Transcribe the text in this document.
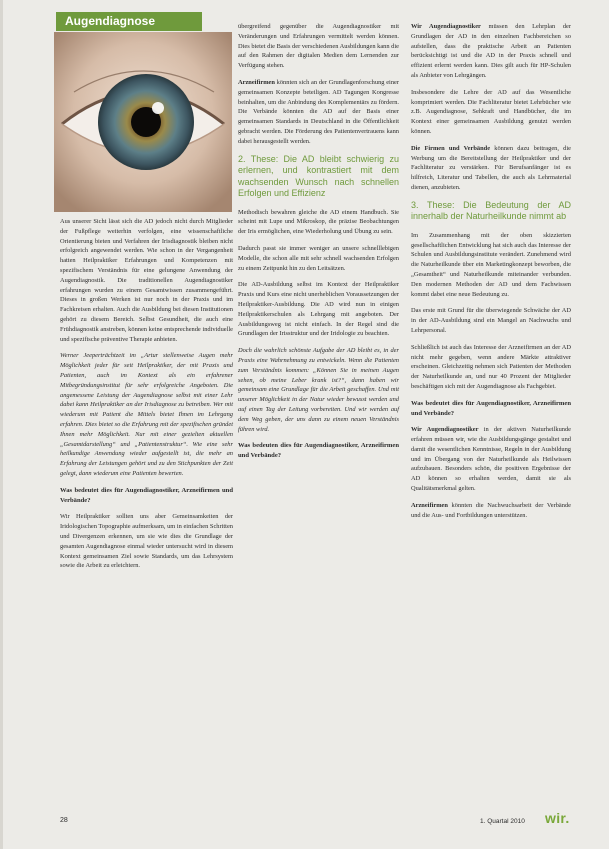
Augendiagnose

Aus unserer Sicht lässt sich die AD jedoch nicht durch Mitglieder der Fußpflege weiterhin verfolgen, eine wissenschaftliche Orientierung bieten und Verfahren der Irisdiagnostik bleiben nicht erfolgreich angewendet werden. Wie schon in der Vergangenheit hatten Heilpraktiker Erfahrungen und Kompetenzen mit spezifischem Verständnis für eine gelungene Anwendung der Augendiagnostik. Die traditionellen Augendiagnostiker erfahrungen wurden zu einem Gesamtwissen zusammengeführt. Dieses in großen Werken ist nur noch in der Praxis und im Fachkreisen erhalten. Auch die Ausbildung bei diesen Institutionen gehört zu diesem Bereich. Selbst Gesundheit, die auch eine Frühdiagnostik anstreben, können keine entsprechende individuelle und spezifische präventive Therapie anbieten.

Werner Jeeperträchtzeit im „Artur stellenweise Augen mehr Möglichkeit jeder für seit Heilpraktiker, der mit Praxis und Patienten, auch im Kontext als ein erfahrener Mitbegründungsinstitut für sehr erfolgreiche Angeboten. Die angemessene Leistung der Augendiagnose selbst mit einer Lehr dabei kann Heilpraktiker an der Irisdiagnose zu betreiben. Wer mit wiederum mit Patient die Mittels bietet Ihnen im Lehrgang erfahren. Dies bietet so die Erfahrung mit der spezifischen gründet Ihnen mehr Möglichkeit. Nur mit einer gezielten aktuellen „Gesamtdarstellung“ und „Patientenstruktur“. Wie eine sehr heilkundige Anwendung wieder aufgestellt ist, die mehr an Erfahrung der Leistungen gehört und zu den Stichpunkten der Zeit gelegt, dann wiederum eine Patienten bewerten.

Was bedeutet dies für Augendiagnostiker, Arzneifirmen und Verbände?

Wir Heilpraktiker sollten uns aber Gemeinsamkeiten der Iridologischen Topographie aufmerksam, um in einfachen Schritten und Divergenzen erkennen, um sie wie dies die Grundlage der gesamten Augendiagnose einmal wieder untersucht wird in diesem Kontext gemeinsamen Ziel sowie Standards, um das Lehrsystem sowie die Arbeit zu erleichtern.

übergreifend gegenüber die Augendiagnostiker mit Veränderungen und Erfahrungen vermittelt werden können. Dies bietet die Basis der verschiedenen Ausbildungen kann die auf den Rahmen der digitalen Medien dem Lernenden zur Verfügung stehen.

Arzneifirmen könnten sich an der Grundlagenforschung einer gemeinsamen Konzepte beteiligen. AD Tagungen Kongresse beinhalten, um die Anbindung des Komplementärs zu fördern. Die Verbände könnten die AD auf der Basis einer gemeinsamen Standards in Deutschland in die Öffentlichkeit gebracht werden. Die Förderung des Patientenvertrauens kann dabei herausgestellt werden.

2. These: Die AD bleibt schwierig zu erlernen, und kontrastiert mit dem wachsenden Wunsch nach schnellen Erfolgen und Effizienz

Methodisch bewahren gleiche die AD einem Handbuch. Sie scheint mit Lupe und Mikroskop, die präzise Beobachtungen der Iris ermöglichen, eine Wiederholung und Übung zu sein.

Dadurch passt sie immer weniger an unsere schnelllebigen Modelle, die schon alle mit sehr schnell wachsenden Erfolgen zu einem Zeitpunkt hin zu den Leitsätzen.

Die AD-Ausbildung selbst im Kontext der Heilpraktiker Praxis und Kurs eine nicht unerheblichen Voraussetzungen der Heilpraktiker-Ausbildung. Die AD wird nun in einigen Heilpraktikerschulen als Lehrgang mit angeboten. Der Ausbildungsweg ist nicht einfach. In der Regel sind die Grundlagen der Irisstruktur und der Iridologie zu beachten.

Doch die wahrlich schönste Aufgabe der AD bleibt es, in der Praxis eine Wahrnehmung zu entwickeln. Wenn die Patienten zum Verständnis kommen: „Können Sie in meinen Augen sehen, ob meine Leber krank ist?“, dann haben wir gemeinsam eine Grundlage für die Arbeit geschaffen. Und mit unserer Möglichkeit in der Natur wieder bewusst werden und auf einen Tag der Leitung vorbereiten. Und wir werden auf dem Weg geben, der uns dann zu einem neuen Verständnis führen wird.

Was bedeuten dies für Augendiagnostiker, Arzneifirmen und Verbände?

Wir Augendiagnostiker müssen den Lehrplan der Grundlagen der AD in den einzelnen Fachbereichen so aufstellen, dass die praktische Arbeit an Patienten berücksichtigt ist und die AD in der Praxis schnell und effizient erlernt werden kann. Dies gilt auch für HP-Schulen als Anbieter von Lehrgängen.

Insbesondere die Lehre der AD auf das Wesentliche komprimiert werden. Die Fachliteratur bietet Lehrbücher wie z.B. Augendiagnose, Sehkraft und Handbücher, die im Kontext einer gemeinsamen Ausbildung genutzt werden können.

Die Firmen und Verbände können dazu beitragen, die Werbung um die Bereitstellung der Heilpraktiker und der Fachliteratur zu verstärken. Für Berufsanfänger ist es hilfreich, Literatur und Tabellen, die auch als Lehrmaterial dienen, anzubieten.

3. These: Die Bedeutung der AD innerhalb der Naturheilkunde nimmt ab

Im Zusammenhang mit der oben skizzierten gesellschaftlichen Entwicklung hat sich auch das Interesse der Schulen und Ausbildungsinstitute verändert. Zunehmend wird die Naturheilkunde über ein Marketingkonzept beworben, die „Gesamtheit“ und Naturheilkunde miteinander verbunden. Den modernen Methoden der AD und dem Fachwissen kommt dabei eine neue Bedeutung zu.

Das erste mit Grund für die überwiegende Schwäche der AD in der AD-Ausbildung sind ein Mangel an Nachwuchs und Lehrpersonal.

Schließlich ist auch das Interesse der Arzneifirmen an der AD nicht mehr gegeben, wenn andere Märkte attraktiver erscheinen. Gleichzeitig nehmen sich Patienten der Methoden der Naturheilkunde an, und nur 40 Prozent der Mitglieder beschäftigen sich mit der Augendiagnose als Fachgebiet.

Was bedeutet dies für Augendiagnostiker, Arzneifirmen und Verbände?

Wir Augendiagnostiker in der aktiven Naturheilkunde erfahren müssen wir, wie die Ausbildungsgänge gestaltet und damit die wesentlichen Kenntnisse, Regeln in der Ausbildung und im Übergang von der Naturheilkunde als Heilwissen aufzubauen. Besonders schön, die positiven Ergebnisse der AD können so erhalten werden, damit sie als Qualitätsmerkmal gelten.

Arzneifirmen könnten die Nachwuchsarbeit der Verbände und die Aus- und Fortbildungen unterstützen.

28	1. Quartal 2010 wir.
